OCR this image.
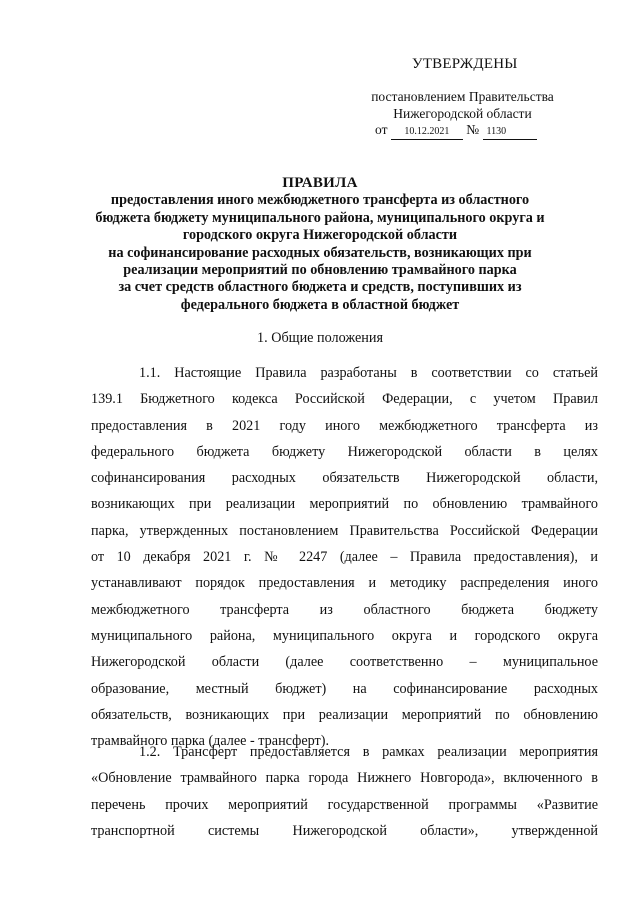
УТВЕРЖДЕНЫ
постановлением Правительства
Нижегородской области
от 10.12.2021 № 1130
ПРАВИЛА
предоставления иного межбюджетного трансферта из областного
бюджета бюджету муниципального района, муниципального округа и
городского округа Нижегородской области
на софинансирование расходных обязательств, возникающих при
реализации мероприятий по обновлению трамвайного парка
за счет средств областного бюджета и средств, поступивших из
федерального бюджета в областной бюджет
1. Общие положения
1.1. Настоящие Правила разработаны в соответствии со статьей
139.1 Бюджетного кодекса Российской Федерации, с учетом Правил
предоставления в 2021 году иного межбюджетного трансферта из
федерального бюджета бюджету Нижегородской области в целях
софинансирования расходных обязательств Нижегородской области,
возникающих при реализации мероприятий по обновлению трамвайного
парка, утвержденных постановлением Правительства Российской Федерации
от 10 декабря 2021 г. № 2247 (далее – Правила предоставления), и
устанавливают порядок предоставления и методику распределения иного
межбюджетного трансферта из областного бюджета бюджету
муниципального района, муниципального округа и городского округа
Нижегородской области (далее соответственно – муниципальное
образование, местный бюджет) на софинансирование расходных
обязательств, возникающих при реализации мероприятий по обновлению
трамвайного парка (далее - трансферт).
1.2. Трансферт предоставляется в рамках реализации мероприятия
«Обновление трамвайного парка города Нижнего Новгорода», включенного в
перечень прочих мероприятий государственной программы «Развитие
транспортной системы Нижегородской области», утвержденной
